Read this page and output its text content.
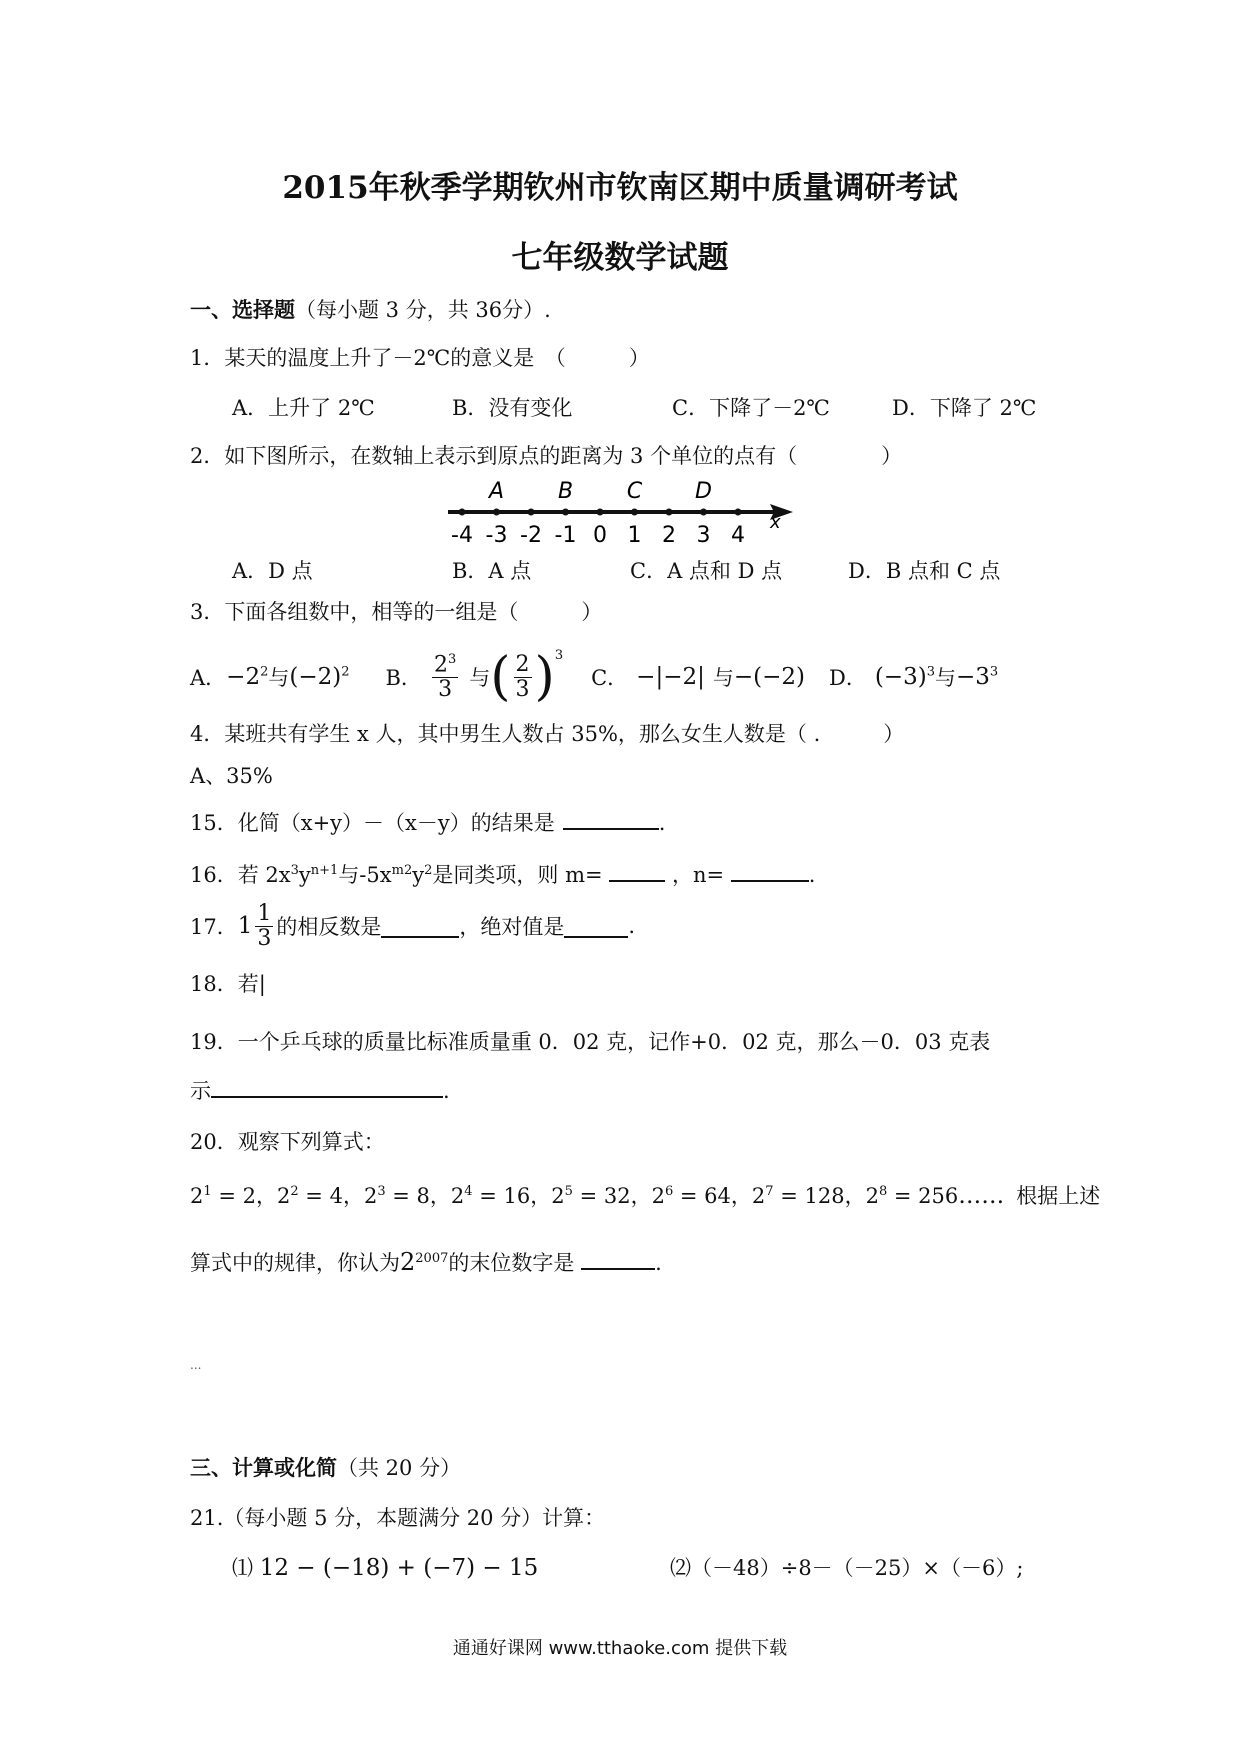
2015年秋季学期钦州市钦南区期中质量调研考试
七年级数学试题
一、选择题（每小题 3 分，共 36分）.
1．某天的温度上升了－2℃的意义是　（　　　）
A．上升了 2℃	B．没有变化	C．下降了－2℃	D．下降了 2℃
2．如下图所示，在数轴上表示到原点的距离为 3 个单位的点有（　　　　）
-4 -3 -2 -1 0 1 2 3 4
A B C D
x
A．D 点	B．A 点	C．A 点和 D 点	D．B 点和 C 点
3．下面各组数中，相等的一组是（　　　）
A． $-2^2$ 与 $(-2)^2$ B． $\frac{2^3}{3}$ 与 ( $\frac{2}{3}$ ) 3
C． −|−2| 与 −(−2) D． $(-3)^3$ 与 $-3^3$
4．某班共有学生 x 人，其中男生人数占 35%，那么女生人数是（ .　　　）
A、35%
15．化简（x+y）－（x－y）的结果是	.
16．若 $2x^3y^{n+1}$与$-5x^{m2}y^2$是同类项，则 m=	，n=	.
17． $1 \frac{1}{3}$ 的相反数是	，绝对值是	.
18．若|
19．一个乒乓球的质量比标准质量重 0．02 克，记作+0．02 克，那么－0．03 克表
示	.
20．观察下列算式：
$2^1 = 2$，$2^2 = 4$，$2^3 = 8$，$2^4 = 16$，$2^5 = 32$，$2^6 = 64$，$2^7 = 128$，$2^8 = 256$ …… 根据上述
算式中的规律，你认为$2^{2007}$的末位数字是	.
...
三、计算或化简（共 20 分）
21.（每小题 5 分，本题满分 20 分）计算：
⑴ 12 − (−18) + (−7) − 15	⑵（－48）÷8－（－25）×（－6）;
通通好课网 www.tthaoke.com 提供下载
